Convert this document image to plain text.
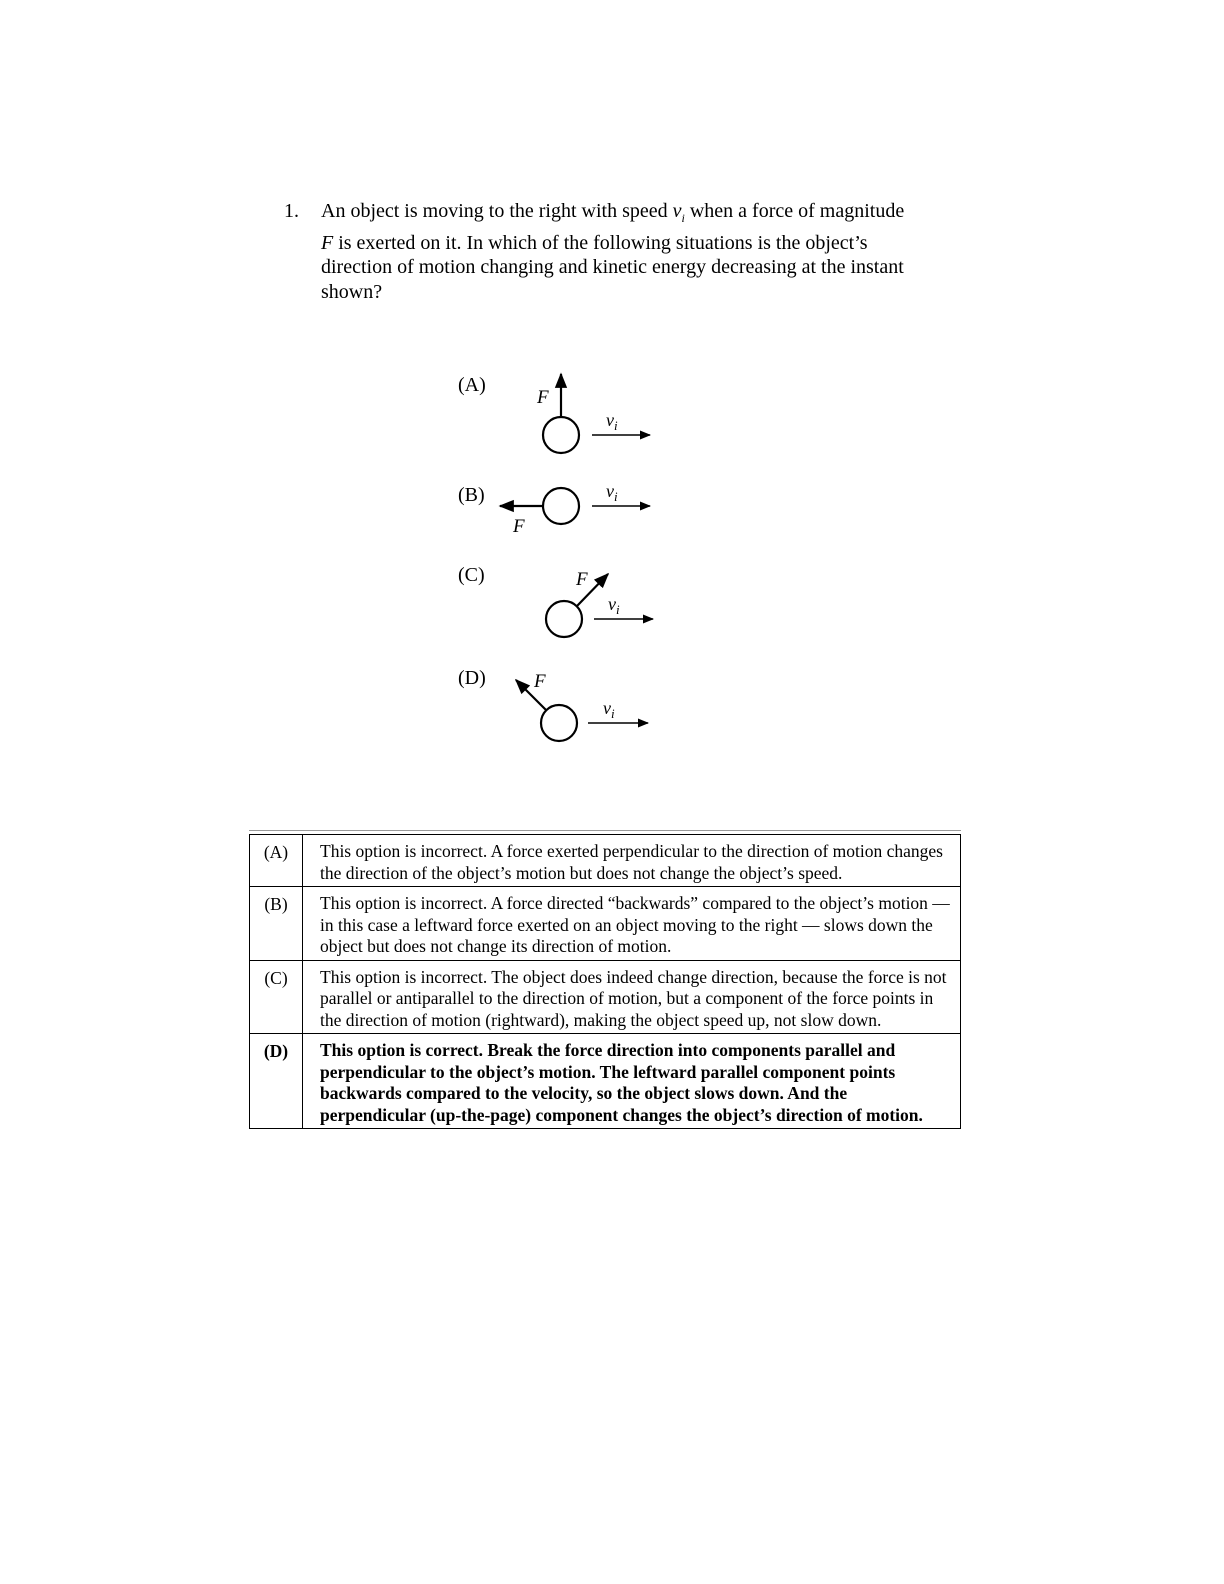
1. An object is moving to the right with speed $v_i$ when a force of magnitude F is exerted on it. In which of the following situations is the object’s direction of motion changing and kinetic energy decreasing at the instant shown?
(A)
F
$v_i$
(B)
F
$v_i$
(C)	F
$v_i$
(D)	F
$v_i$
(A)	This option is incorrect. A force exerted perpendicular to the direction of motion changes the direction of the object’s motion but does not change the object’s speed.
(B)	This option is incorrect. A force directed “backwards” compared to the object’s motion — in this case a leftward force exerted on an object moving to the right — slows down the object but does not change its direction of motion.
(C)	This option is incorrect. The object does indeed change direction, because the force is not parallel or antiparallel to the direction of motion, but a component of the force points in the direction of motion (rightward), making the object speed up, not slow down.
(D)	This option is correct. Break the force direction into components parallel and perpendicular to the object’s motion. The leftward parallel component points backwards compared to the velocity, so the object slows down. And the perpendicular (up-the-page) component changes the object’s direction of motion.
